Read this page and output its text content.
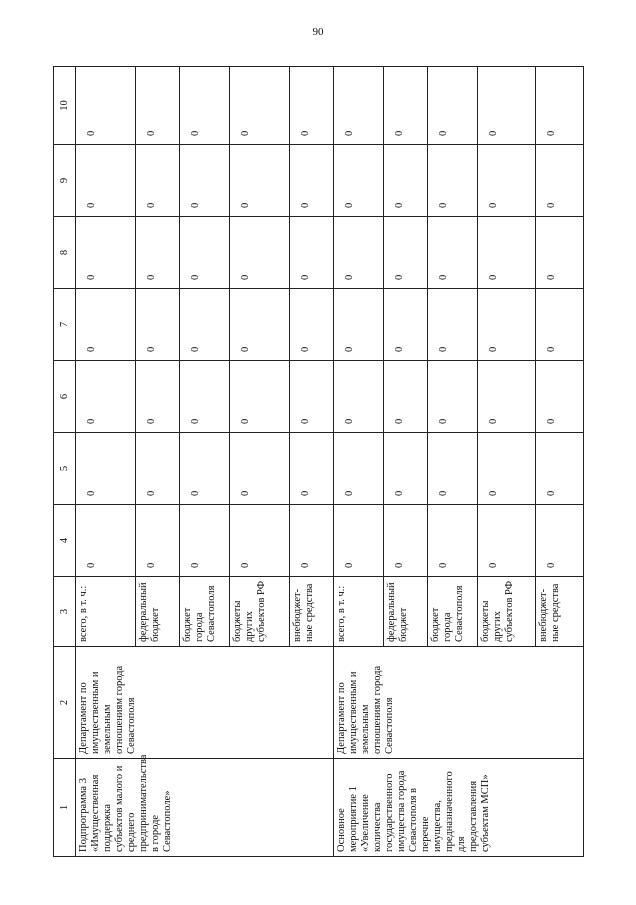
90
1	2	3	4	5	6	7	8	9	10
Подпрограмма 3 «Имущественная поддержка субъектов малого и среднего предпринимательства в городе Севастополе»	Департамент по имущественным и земельным отношениям города Севастополя	всего, в т. ч.:	0	0	0	0	0	0	0
		федеральный бюджет	0	0	0	0	0	0	0
		бюджет города Севастополя	0	0	0	0	0	0	0
		бюджеты других субъектов РФ	0	0	0	0	0	0	0
		внебюджет-ные средства	0	0	0	0	0	0	0
Основное мероприятие 1 «Увеличение количества государственного имущества города Севастополя в перечне имущества, предназначенного для предоставления субъектам МСП»	Департамент по имущественным и земельным отношениям города Севастополя	всего, в т. ч.:	0	0	0	0	0	0	0
		федеральный бюджет	0	0	0	0	0	0	0
		бюджет города Севастополя	0	0	0	0	0	0	0
		бюджеты других субъектов РФ	0	0	0	0	0	0	0
		внебюджет-ные средства	0	0	0	0	0	0	0
